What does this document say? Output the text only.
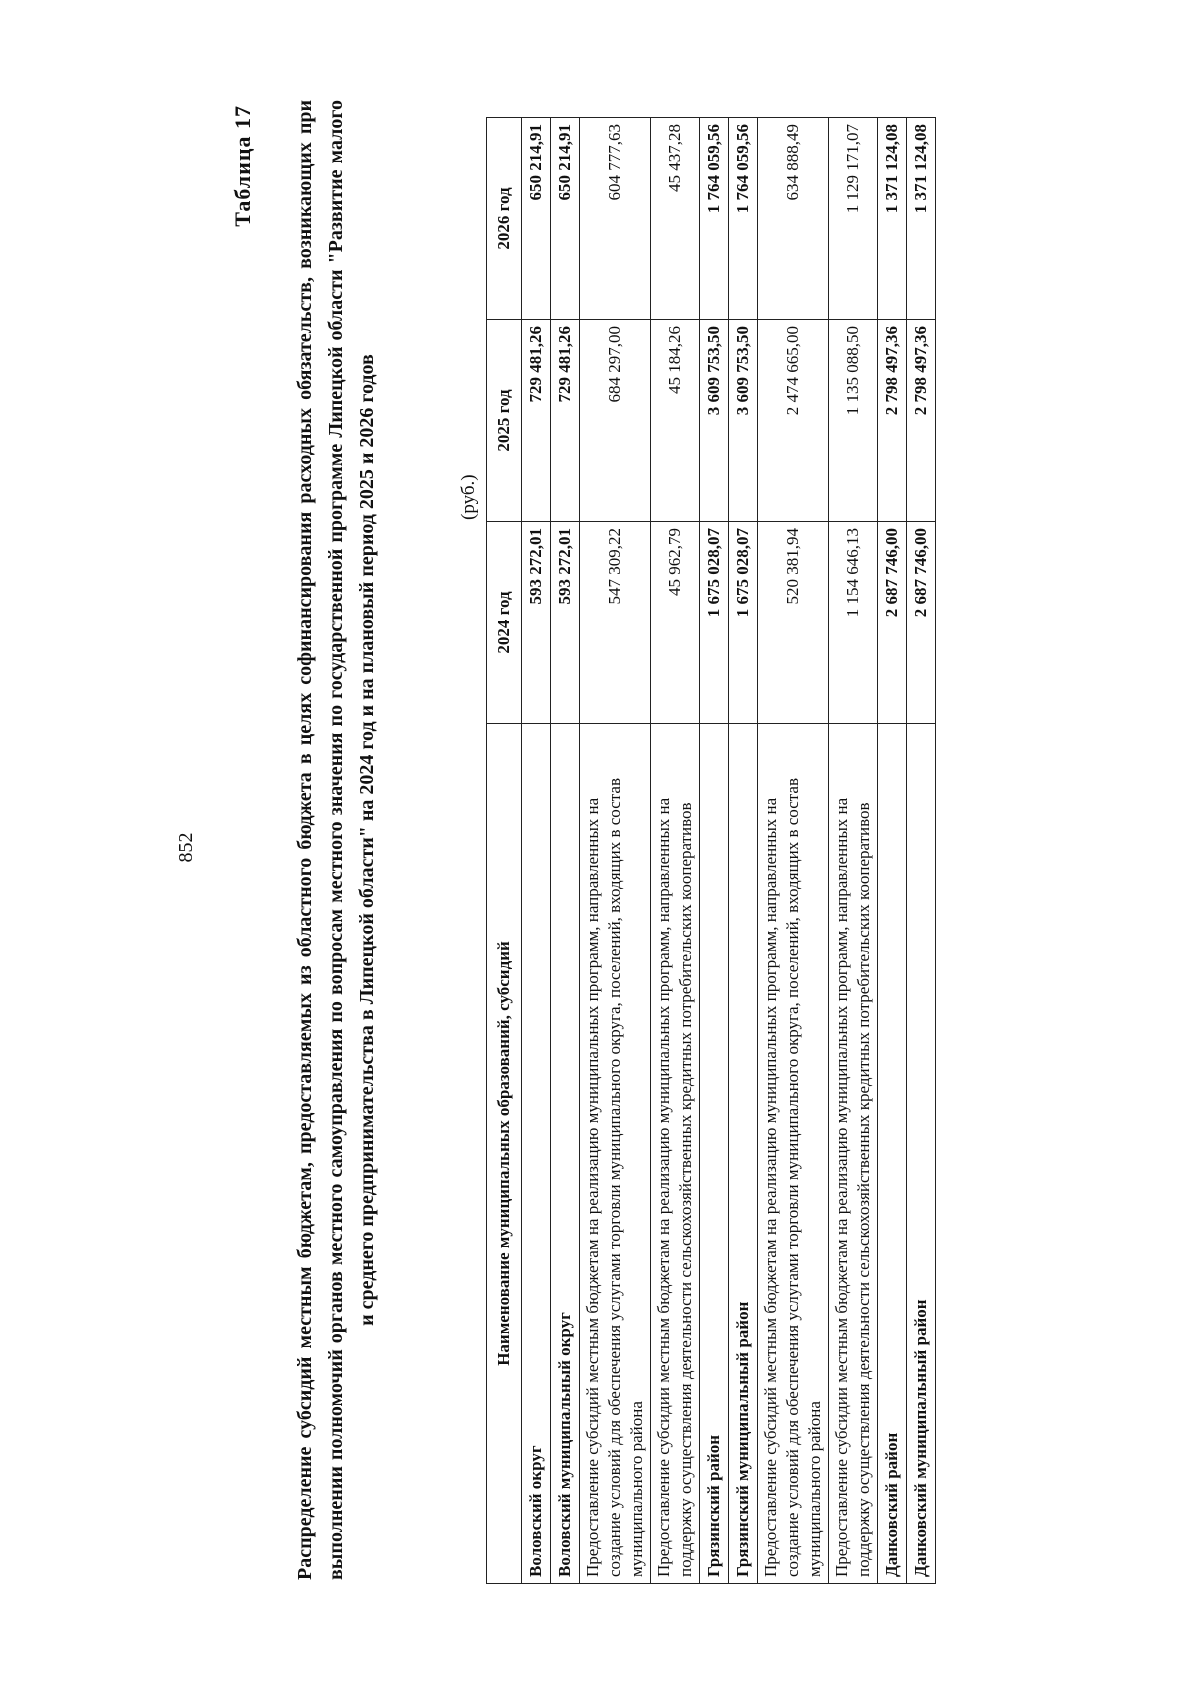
852
Таблица 17 Распределение субсидий местным бюджетам, предоставляемых из областного бюджета в целях софинансирования расходных обязательств, возникающих при выполнении полномочий органов местного самоуправления по вопросам местного значения по государственной программе Липецкой области "Развитие малого и среднего предпринимательства в Липецкой области" на 2024 год и на плановый период 2025 и 2026 годов	(руб.)
Наименование муниципальных образований, субсидий	2024 год	2025 год	2026 год
Воловский округ	593 272,01	729 481,26	650 214,91
Воловский муниципальный округ	593 272,01	729 481,26	650 214,91
Предоставление субсидий местным бюджетам на реализацию муниципальных программ, направленных на создание условий для обеспечения услугами торговли муниципального округа, поселений, входящих в состав муниципального района	547 309,22	684 297,00	604 777,63
Предоставление субсидии местным бюджетам на реализацию муниципальных программ, направленных на поддержку осуществления деятельности сельскохозяйственных кредитных потребительских кооперативов	45 962,79	45 184,26	45 437,28
Грязинский район	1 675 028,07	3 609 753,50	1 764 059,56
Грязинский муниципальный район	1 675 028,07	3 609 753,50	1 764 059,56
Предоставление субсидий местным бюджетам на реализацию муниципальных программ, направленных на создание условий для обеспечения услугами торговли муниципального округа, поселений, входящих в состав муниципального района	520 381,94	2 474 665,00	634 888,49
Предоставление субсидии местным бюджетам на реализацию муниципальных программ, направленных на поддержку осуществления деятельности сельскохозяйственных кредитных потребительских кооперативов	1 154 646,13	1 135 088,50	1 129 171,07
Данковский район	2 687 746,00	2 798 497,36	1 371 124,08
Данковский муниципальный район	2 687 746,00	2 798 497,36	1 371 124,08
